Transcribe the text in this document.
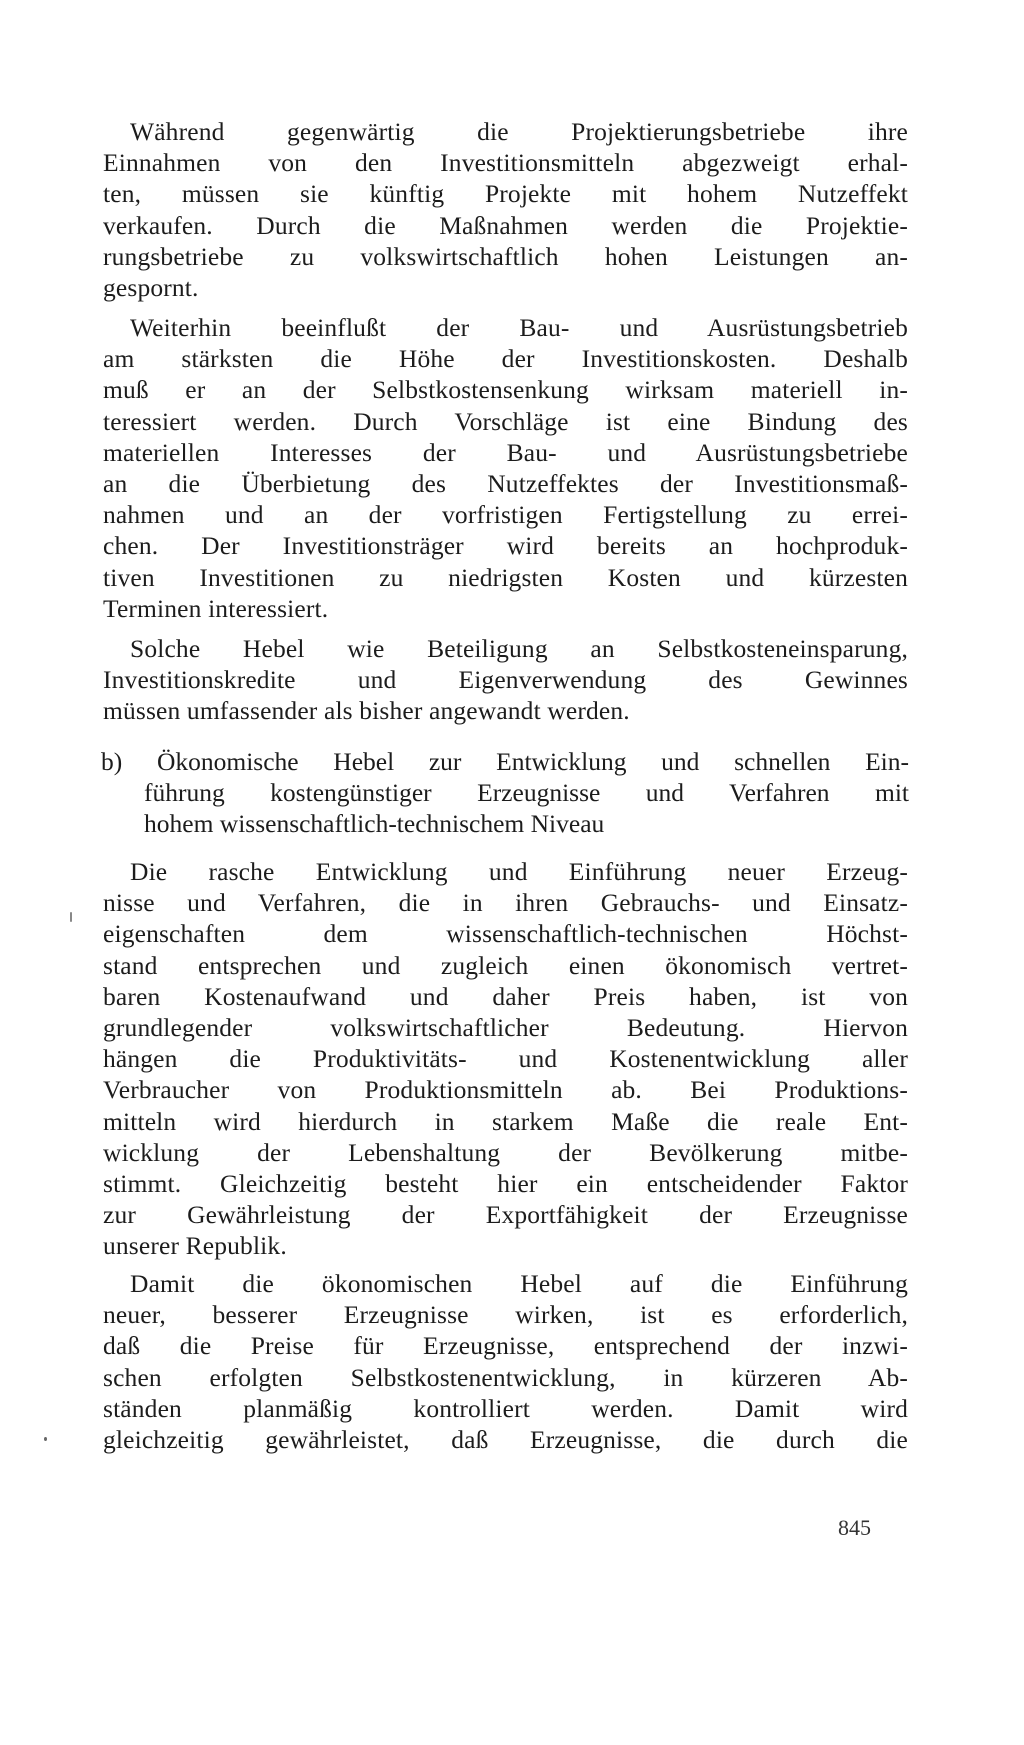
Während gegenwärtig die Projektierungsbetriebe ihre
Einnahmen von den Investitionsmitteln abgezweigt erhal-
ten, müssen sie künftig Projekte mit hohem Nutzeffekt
verkaufen. Durch die Maßnahmen werden die Projektie-
rungsbetriebe zu volkswirtschaftlich hohen Leistungen an-
gespornt.
Weiterhin beeinflußt der Bau- und Ausrüstungsbetrieb
am stärksten die Höhe der Investitionskosten. Deshalb
muß er an der Selbstkostensenkung wirksam materiell in-
teressiert werden. Durch Vorschläge ist eine Bindung des
materiellen Interesses der Bau- und Ausrüstungsbetriebe
an die Überbietung des Nutzeffektes der Investitionsmaß-
nahmen und an der vorfristigen Fertigstellung zu errei-
chen. Der Investitionsträger wird bereits an hochproduk-
tiven Investitionen zu niedrigsten Kosten und kürzesten
Terminen interessiert.
Solche Hebel wie Beteiligung an Selbstkosteneinsparung,
Investitionskredite und Eigenverwendung des Gewinnes
müssen umfassender als bisher angewandt werden.
b) Ökonomische Hebel zur Entwicklung und schnellen Ein-
führung kostengünstiger Erzeugnisse und Verfahren mit
hohem wissenschaftlich-technischem Niveau
Die rasche Entwicklung und Einführung neuer Erzeug-
nisse und Verfahren, die in ihren Gebrauchs- und Einsatz-
eigenschaften dem wissenschaftlich-technischen Höchst-
stand entsprechen und zugleich einen ökonomisch vertret-
baren Kostenaufwand und daher Preis haben, ist von
grundlegender volkswirtschaftlicher Bedeutung. Hiervon
hängen die Produktivitäts- und Kostenentwicklung aller
Verbraucher von Produktionsmitteln ab. Bei Produktions-
mitteln wird hierdurch in starkem Maße die reale Ent-
wicklung der Lebenshaltung der Bevölkerung mitbe-
stimmt. Gleichzeitig besteht hier ein entscheidender Faktor
zur Gewährleistung der Exportfähigkeit der Erzeugnisse
unserer Republik.
Damit die ökonomischen Hebel auf die Einführung
neuer, besserer Erzeugnisse wirken, ist es erforderlich,
daß die Preise für Erzeugnisse, entsprechend der inzwi-
schen erfolgten Selbstkostenentwicklung, in kürzeren Ab-
ständen planmäßig kontrolliert werden. Damit wird
gleichzeitig gewährleistet, daß Erzeugnisse, die durch die
845
